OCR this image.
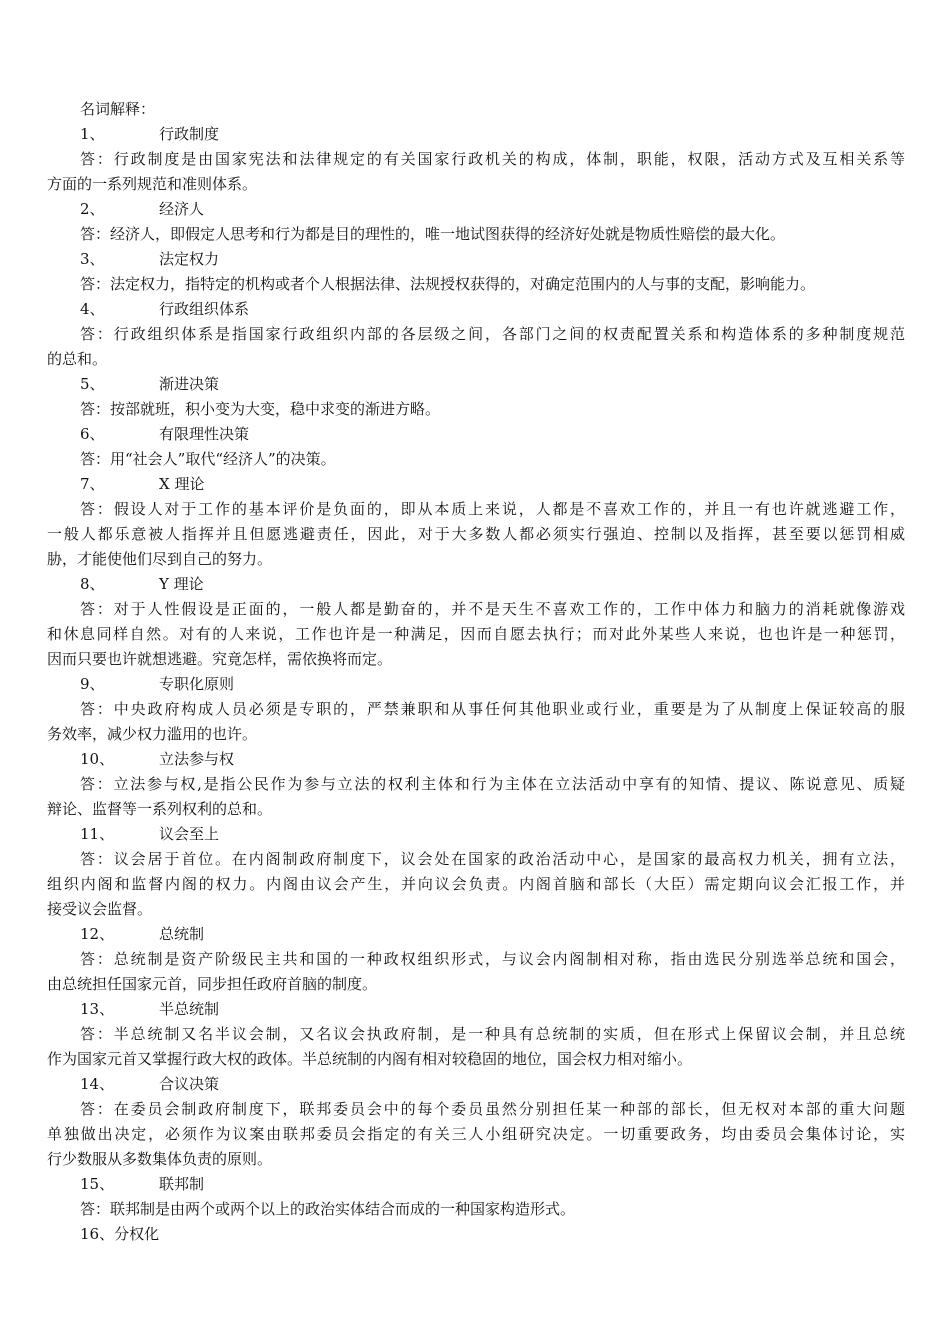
名词解释：
1、	行政制度
答：行政制度是由国家宪法和法律规定的有关国家行政机关的构成，体制，职能，权限，活动方式及互相关系等
方面的一系列规范和准则体系。
2、	经济人
答：经济人，即假定人思考和行为都是目的理性的，唯一地试图获得的经济好处就是物质性赔偿的最大化。
3、	法定权力
答：法定权力，指特定的机构或者个人根据法律、法规授权获得的，对确定范围内的人与事的支配，影响能力。
4、	行政组织体系
答：行政组织体系是指国家行政组织内部的各层级之间，各部门之间的权责配置关系和构造体系的多种制度规范
的总和。
5、	渐进决策
答：按部就班，积小变为大变，稳中求变的渐进方略。
6、	有限理性决策
答：用“社会人”取代“经济人”的决策。
7、	X 理论
答：假设人对于工作的基本评价是负面的，即从本质上来说，人都是不喜欢工作的，并且一有也许就逃避工作，
一般人都乐意被人指挥并且但愿逃避责任，因此，对于大多数人都必须实行强迫、控制以及指挥，甚至要以惩罚相威
胁，才能使他们尽到自己的努力。
8、	Y 理论
答：对于人性假设是正面的，一般人都是勤奋的，并不是天生不喜欢工作的，工作中体力和脑力的消耗就像游戏
和休息同样自然。对有的人来说，工作也许是一种满足，因而自愿去执行；而对此外某些人来说，也也许是一种惩罚，
因而只要也许就想逃避。究竟怎样，需依换将而定。
9、	专职化原则
答：中央政府构成人员必须是专职的，严禁兼职和从事任何其他职业或行业，重要是为了从制度上保证较高的服
务效率，减少权力滥用的也许。
10、	立法参与权
答：立法参与权,是指公民作为参与立法的权利主体和行为主体在立法活动中享有的知情、提议、陈说意见、质疑
辩论、监督等一系列权利的总和。
11、	议会至上
答：议会居于首位。在内阁制政府制度下，议会处在国家的政治活动中心，是国家的最高权力机关，拥有立法，
组织内阁和监督内阁的权力。内阁由议会产生，并向议会负责。内阁首脑和部长（大臣）需定期向议会汇报工作，并
接受议会监督。
12、	总统制
答：总统制是资产阶级民主共和国的一种政权组织形式，与议会内阁制相对称，指由选民分别选举总统和国会，
由总统担任国家元首，同步担任政府首脑的制度。
13、	半总统制
答：半总统制又名半议会制，又名议会执政府制，是一种具有总统制的实质，但在形式上保留议会制，并且总统
作为国家元首又掌握行政大权的政体。半总统制的内阁有相对较稳固的地位，国会权力相对缩小。
14、	合议决策
答：在委员会制政府制度下，联邦委员会中的每个委员虽然分别担任某一种部的部长，但无权对本部的重大问题
单独做出决定，必须作为议案由联邦委员会指定的有关三人小组研究决定。一切重要政务，均由委员会集体讨论，实
行少数服从多数集体负责的原则。
15、	联邦制
答：联邦制是由两个或两个以上的政治实体结合而成的一种国家构造形式。
16、 分权化
